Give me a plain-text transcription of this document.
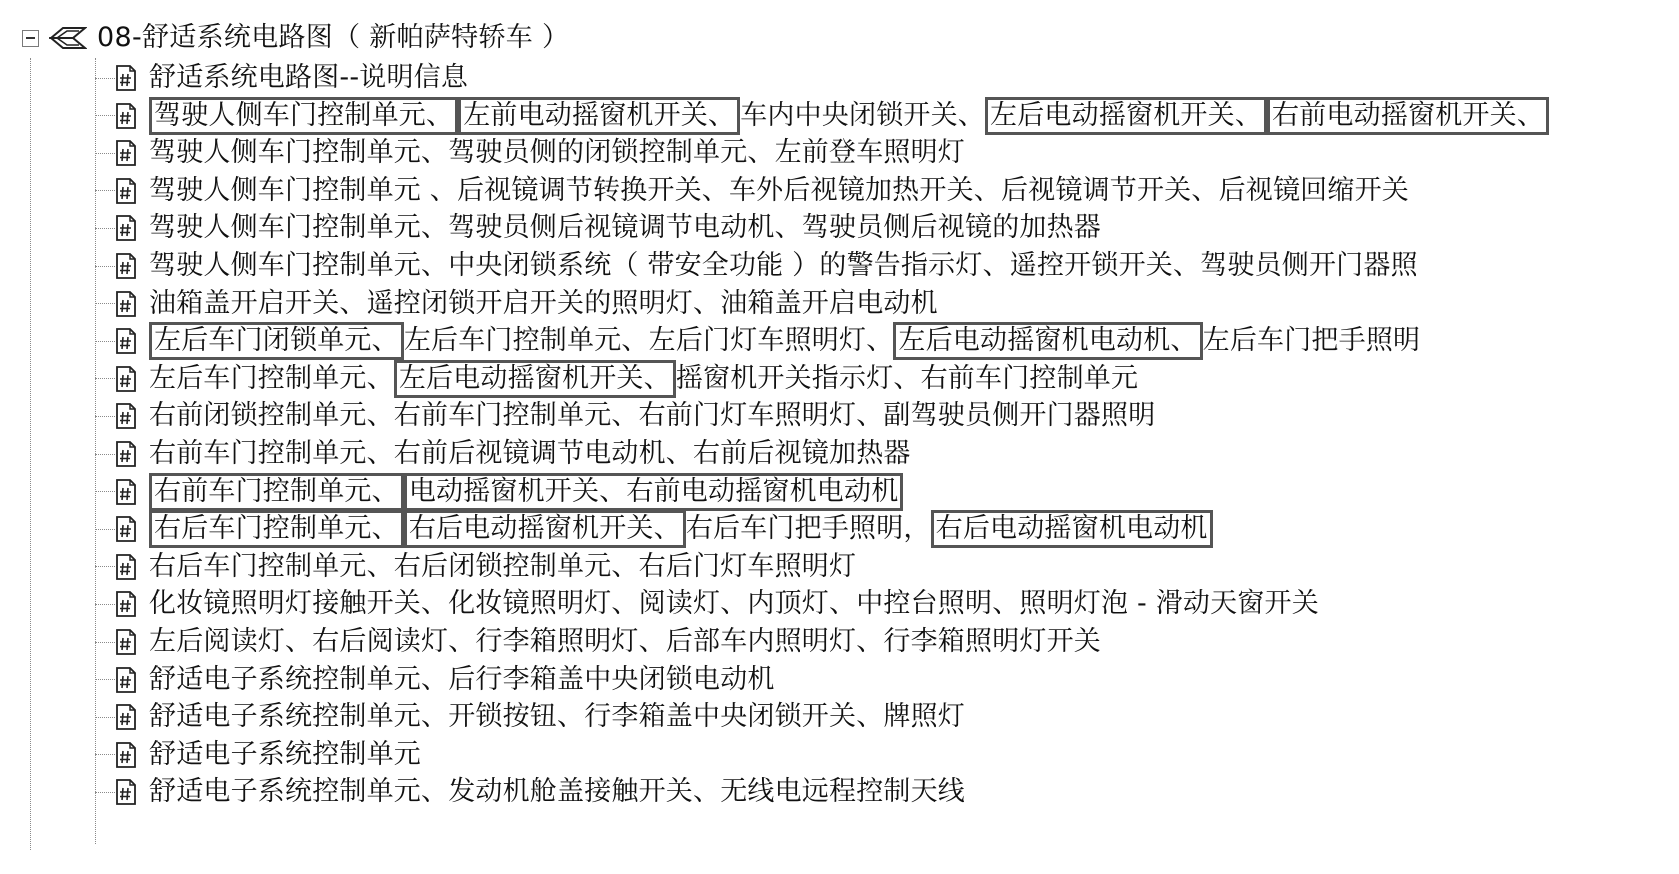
08-舒适系统电路图（ 新帕萨特轿车 ）
舒适系统电路图--说明信息
驾驶人侧车门控制单元、 左前电动摇窗机开关、 车内中央闭锁开关、 左后电动摇窗机开关、 右前电动摇窗机开关、
驾驶人侧车门控制单元、驾驶员侧的闭锁控制单元、左前登车照明灯
驾驶人侧车门控制单元 、后视镜调节转换开关、车外后视镜加热开关、后视镜调节开关、后视镜回缩开关
驾驶人侧车门控制单元、驾驶员侧后视镜调节电动机、驾驶员侧后视镜的加热器
驾驶人侧车门控制单元、中央闭锁系统（ 带安全功能 ）的警告指示灯、遥控开锁开关、驾驶员侧开门器照
油箱盖开启开关、遥控闭锁开启开关的照明灯、油箱盖开启电动机
左后车门闭锁单元、 左后车门控制单元、左后门灯车照明灯、 左后电动摇窗机电动机、 左后车门把手照明
左后车门控制单元、 左后电动摇窗机开关、 摇窗机开关指示灯、右前车门控制单元
右前闭锁控制单元、右前车门控制单元、右前门灯车照明灯、副驾驶员侧开门器照明
右前车门控制单元、右前后视镜调节电动机、右前后视镜加热器
右前车门控制单元、 电动摇窗机开关、右前电动摇窗机电动机
右后车门控制单元、 右后电动摇窗机开关、 右后车门把手照明， 右后电动摇窗机电动机
右后车门控制单元、右后闭锁控制单元、右后门灯车照明灯
化妆镜照明灯接触开关、化妆镜照明灯、阅读灯、内顶灯、中控台照明、照明灯泡 - 滑动天窗开关
左后阅读灯、右后阅读灯、行李箱照明灯、后部车内照明灯、行李箱照明灯开关
舒适电子系统控制单元、后行李箱盖中央闭锁电动机
舒适电子系统控制单元、开锁按钮、行李箱盖中央闭锁开关、牌照灯
舒适电子系统控制单元
舒适电子系统控制单元、发动机舱盖接触开关、无线电远程控制天线
